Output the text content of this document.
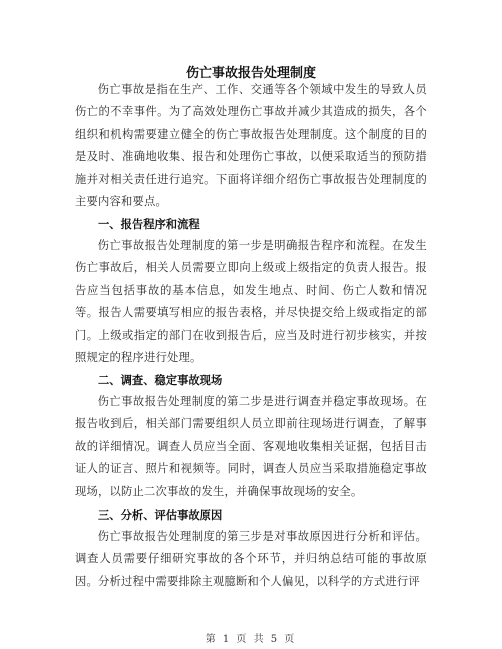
伤亡事故报告处理制度
伤亡事故是指在生产、工作、交通等各个领域中发生的导致人员伤亡的不幸事件。为了高效处理伤亡事故并减少其造成的损失，各个组织和机构需要建立健全的伤亡事故报告处理制度。这个制度的目的是及时、准确地收集、报告和处理伤亡事故，以便采取适当的预防措施并对相关责任进行追究。下面将详细介绍伤亡事故报告处理制度的主要内容和要点。
一、报告程序和流程
伤亡事故报告处理制度的第一步是明确报告程序和流程。在发生伤亡事故后，相关人员需要立即向上级或上级指定的负责人报告。报告应当包括事故的基本信息，如发生地点、时间、伤亡人数和情况等。报告人需要填写相应的报告表格，并尽快提交给上级或指定的部门。上级或指定的部门在收到报告后，应当及时进行初步核实，并按照规定的程序进行处理。
二、调查、稳定事故现场
伤亡事故报告处理制度的第二步是进行调查并稳定事故现场。在报告收到后，相关部门需要组织人员立即前往现场进行调查，了解事故的详细情况。调查人员应当全面、客观地收集相关证据，包括目击证人的证言、照片和视频等。同时，调查人员应当采取措施稳定事故现场，以防止二次事故的发生，并确保事故现场的安全。
三、分析、评估事故原因
伤亡事故报告处理制度的第三步是对事故原因进行分析和评估。调查人员需要仔细研究事故的各个环节，并归纳总结可能的事故原因。分析过程中需要排除主观臆断和个人偏见，以科学的方式进行评
第 1 页 共 5 页
